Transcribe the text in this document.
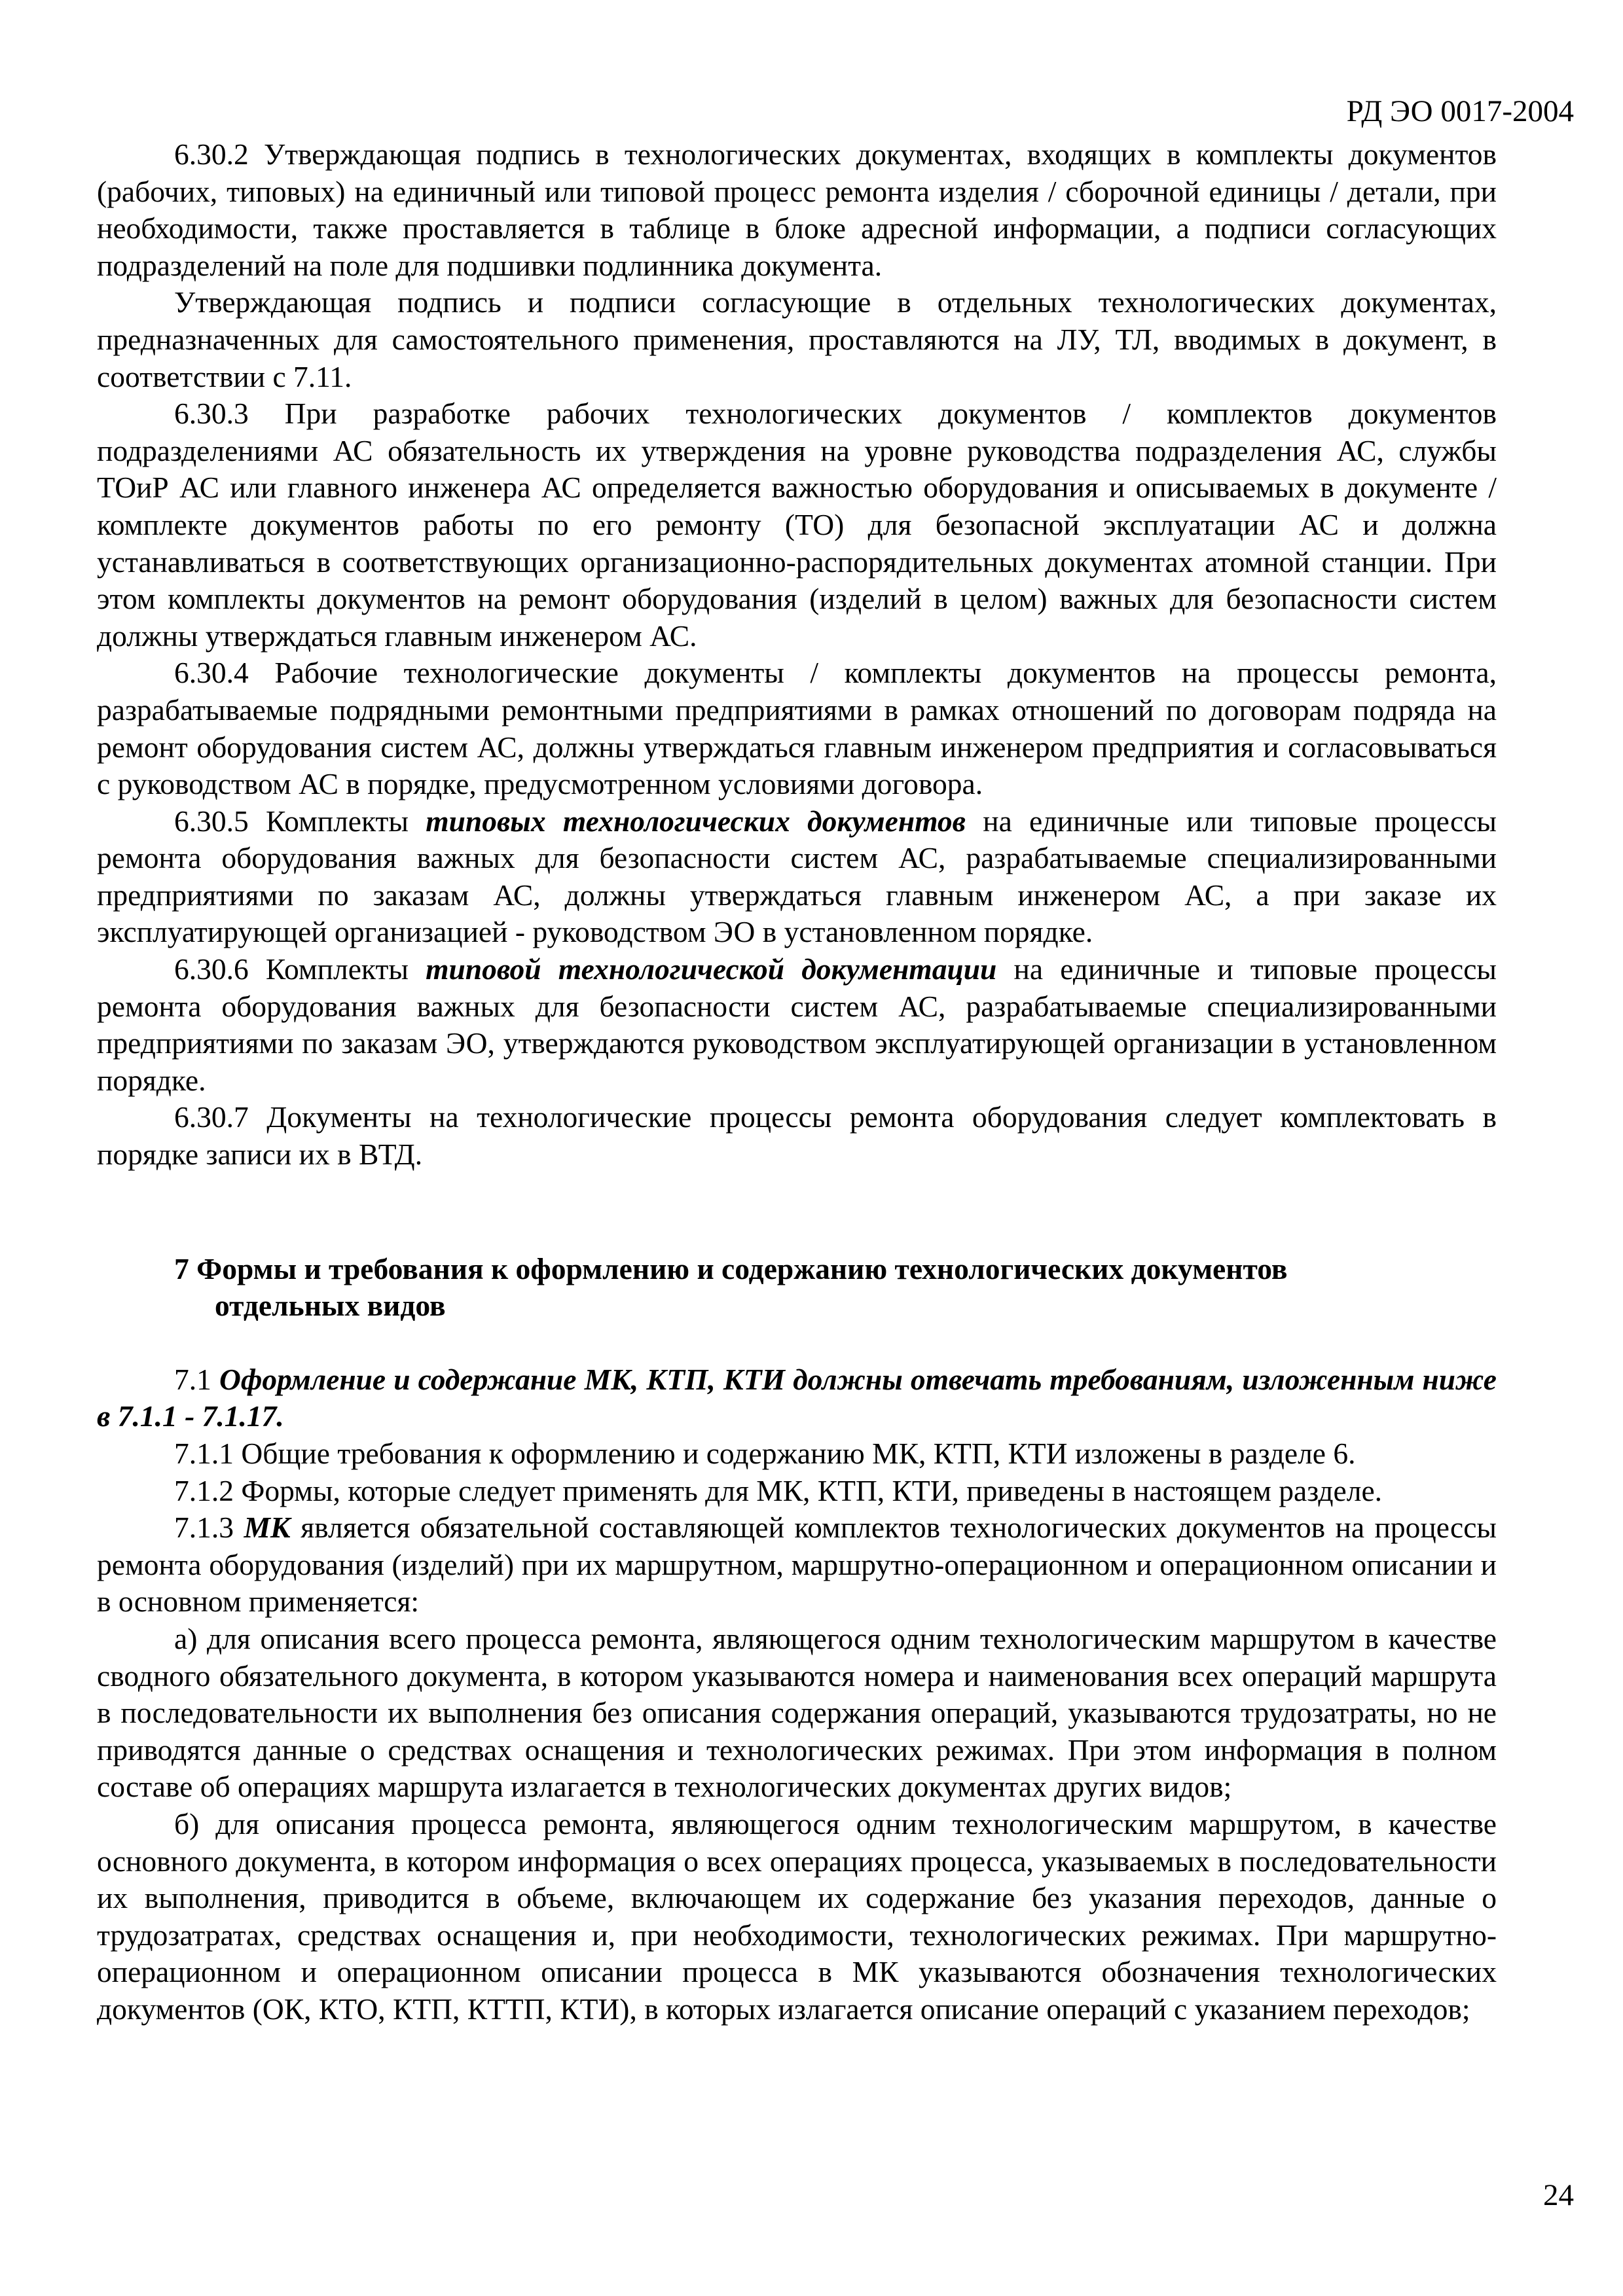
РД ЭО 0017-2004

6.30.2 Утверждающая подпись в технологических документах, входящих в комплекты документов (рабочих, типовых) на единичный или типовой процесс ремонта изделия / сборочной единицы / детали, при необходимости, также проставляется в таблице в блоке адресной информации, а подписи согласующих подразделений на поле для подшивки подлинника документа.

Утверждающая подпись и подписи согласующие в отдельных технологических документах, предназначенных для самостоятельного применения, проставляются на ЛУ, ТЛ, вводимых в документ, в соответствии с 7.11.

6.30.3 При разработке рабочих технологических документов / комплектов документов подразделениями АС обязательность их утверждения на уровне руководства подразделения АС, службы ТОиР АС или главного инженера АС определяется важностью оборудования и описываемых в документе / комплекте документов работы по его ремонту (ТО) для безопасной эксплуатации АС и должна устанавливаться в соответствующих организационно-распорядительных документах атомной станции. При этом комплекты документов на ремонт оборудования (изделий в целом) важных для безопасности систем должны утверждаться главным инженером АС.

6.30.4 Рабочие технологические документы / комплекты документов на процессы ремонта, разрабатываемые подрядными ремонтными предприятиями в рамках отношений по договорам подряда на ремонт оборудования систем АС, должны утверждаться главным инженером предприятия и согласовываться с руководством АС в порядке, предусмотренном условиями договора.

6.30.5 Комплекты типовых технологических документов на единичные или типовые процессы ремонта оборудования важных для безопасности систем АС, разрабатываемые специализированными предприятиями по заказам АС, должны утверждаться главным инженером АС, а при заказе их эксплуатирующей организацией - руководством ЭО в установленном порядке.

6.30.6 Комплекты типовой технологической документации на единичные и типовые процессы ремонта оборудования важных для безопасности систем АС, разрабатываемые специализированными предприятиями по заказам ЭО, утверждаются руководством эксплуатирующей организации в установленном порядке.

6.30.7 Документы на технологические процессы ремонта оборудования следует комплектовать в порядке записи их в ВТД.

7 Формы и требования к оформлению и содержанию технологических документов
отдельных видов

7.1 Оформление и содержание МК, КТП, КТИ должны отвечать требованиям, изложенным ниже в 7.1.1 - 7.1.17.

7.1.1 Общие требования к оформлению и содержанию МК, КТП, КТИ изложены в разделе 6.

7.1.2 Формы, которые следует применять для МК, КТП, КТИ, приведены в настоящем разделе.

7.1.3 МК является обязательной составляющей комплектов технологических документов на процессы ремонта оборудования (изделий) при их маршрутном, маршрутно-операционном и операционном описании и в основном применяется:

а) для описания всего процесса ремонта, являющегося одним технологическим маршрутом в качестве сводного обязательного документа, в котором указываются номера и наименования всех операций маршрута в последовательности их выполнения без описания содержания операций, указываются трудозатраты, но не приводятся данные о средствах оснащения и технологических режимах. При этом информация в полном составе об операциях маршрута излагается в технологических документах других видов;

б) для описания процесса ремонта, являющегося одним технологическим маршрутом, в качестве основного документа, в котором информация о всех операциях процесса, указываемых в последовательности их выполнения, приводится в объеме, включающем их содержание без указания переходов, данные о трудозатратах, средствах оснащения и, при необходимости, технологических режимах. При маршрутно-операционном и операционном описании процесса в МК указываются обозначения технологических документов (ОК, КТО, КТП, КТТП, КТИ), в которых излагается описание операций с указанием переходов;

24
